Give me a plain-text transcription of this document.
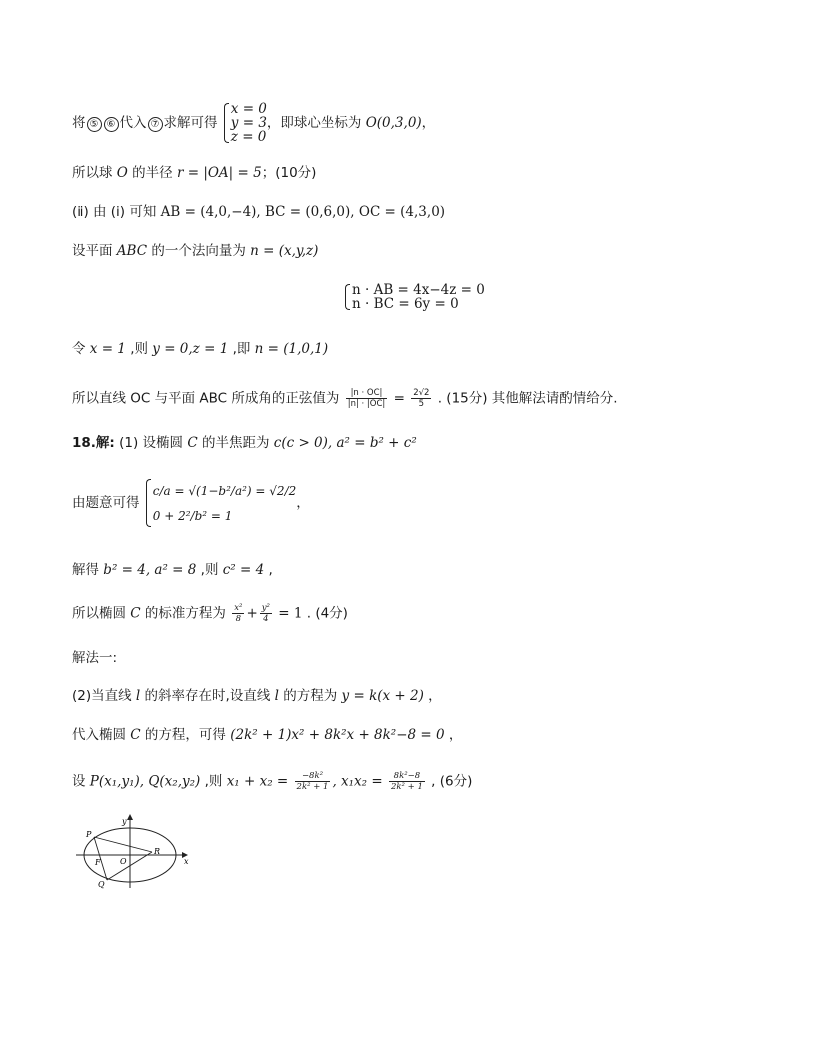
将 ⑤ ⑥ 代入 ⑦ 求解可得
x = 0
y = 3
z = 0
，即球心坐标为 O(0,3,0)，
所以球 O 的半径 r = |OA| = 5；(10分)
(ⅱ) 由 (ⅰ) 可知 AB = (4,0,−4), BC = (0,6,0), OC = (4,3,0)
设平面 ABC 的一个法向量为 n = (x,y,z)
n · AB = 4x−4z = 0
n · BC = 6y = 0
令 x = 1 ,则 y = 0,z = 1 ,即 n = (1,0,1)
所以直线 OC 与平面 ABC 所成角的正弦值为 $\frac{|n \cdot OC|}{|n| \cdot |OC|} = \frac{2√2}{5}$ . (15分) 其他解法请酌情给分.
18.解: (1) 设椭圆 C 的半焦距为 c(c > 0), a² = b² + c²
由题意可得
c/a = √(1−b²/a²) = √2/2
0 + 2²/b² = 1
，
解得 b² = 4, a² = 8 ,则 c² = 4 ,
所以椭圆 C 的标准方程为 $\frac{\text{x²}}{8} + \frac{\text{y²}}{4} = 1$ . (4分)
解法一:
(2)当直线 l 的斜率存在时,设直线 l 的方程为 y = k(x + 2) ，
代入椭圆 C 的方程，可得 (2k² + 1)x² + 8k²x + 8k²−8 = 0 ，
设 P(x₁,y₁), Q(x₂,y₂) ,则 $x_1 + x_2 = \frac{\text{−8k²}}{\text{2k² + 1}}$ , $x_1x_2 = \frac{\text{8k²−8}}{\text{2k² + 1}}$ , (6分)
y
x
P
F O
R
Q
